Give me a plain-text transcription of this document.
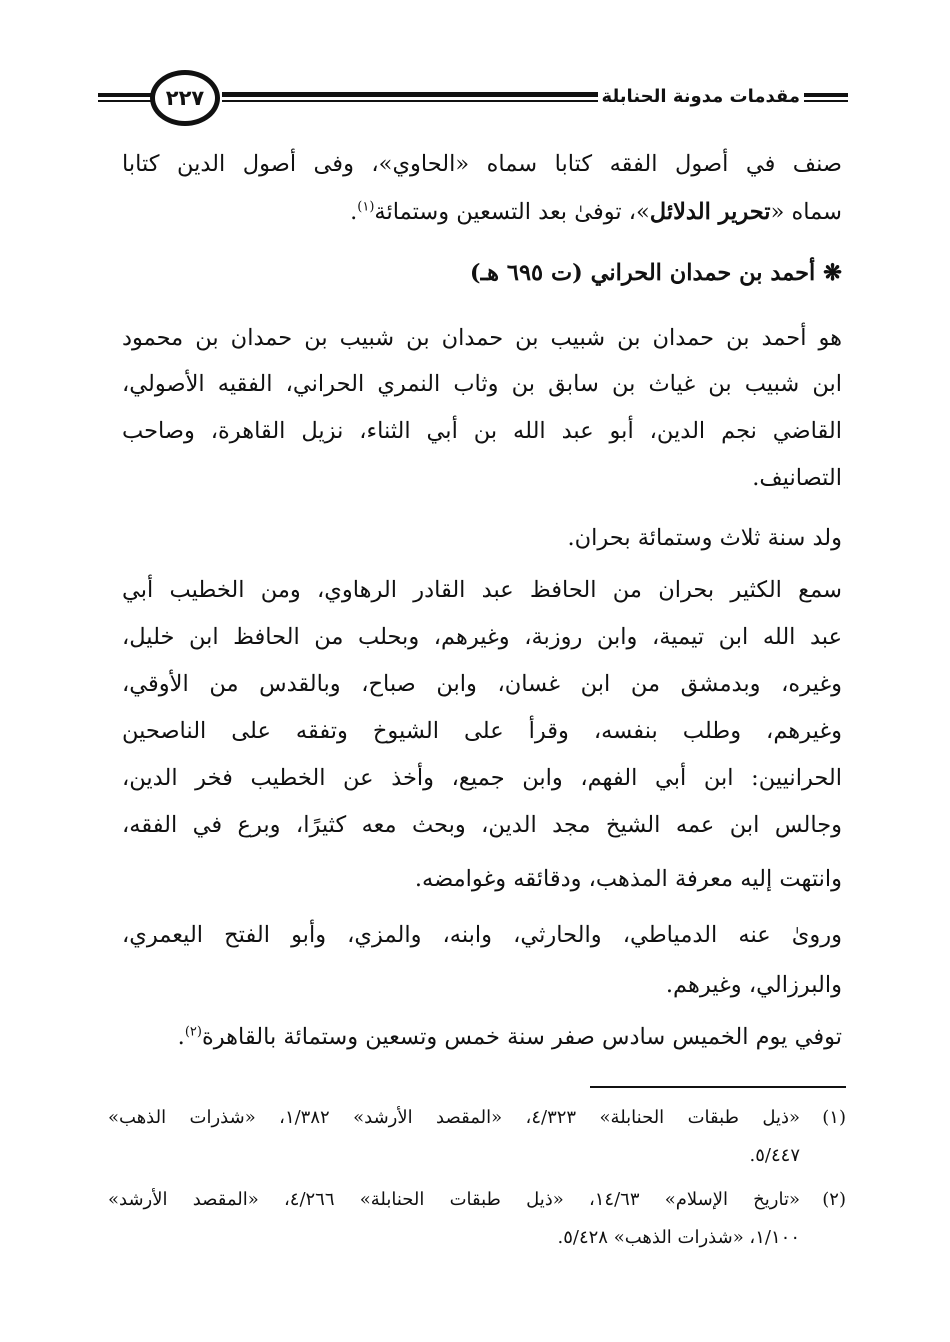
٢٢٧	مقدمات مدونة الحنابلة
صنف في أصول الفقه كتابا سماه «الحاوي»، وفى أصول الدين كتابا
سماه «تحرير الدلائل»، توفىٰ بعد التسعين وستمائة$^{(١)}$.
❋ أحمد بن حمدان الحراني (ت ٦٩٥ هـ)
هو أحمد بن حمدان بن شبيب بن حمدان بن شبيب بن حمدان بن محمود
ابن شبيب بن غياث بن سابق بن وثاب النمري الحراني، الفقيه الأصولي،
القاضي نجم الدين، أبو عبد الله بن أبي الثناء، نزيل القاهرة، وصاحب
التصانيف.
ولد سنة ثلاث وستمائة بحران.
سمع الكثير بحران من الحافظ عبد القادر الرهاوي، ومن الخطيب أبي
عبد الله ابن تيمية، وابن روزبة، وغيرهم، وبحلب من الحافظ ابن خليل،
وغيره، وبدمشق من ابن غسان، وابن صباح، وبالقدس من الأوقي،
وغيرهم، وطلب بنفسه، وقرأ على الشيوخ وتفقه على الناصحين
الحرانيين: ابن أبي الفهم، وابن جميع، وأخذ عن الخطيب فخر الدين،
وجالس ابن عمه الشيخ مجد الدين، وبحث معه كثيرًا، وبرع في الفقه،
وانتهت إليه معرفة المذهب، ودقائقه وغوامضه.
وروىٰ عنه الدمياطي، والحارثي، وابنه، والمزي، وأبو الفتح اليعمري،
والبرزالي، وغيرهم.
توفي يوم الخميس سادس صفر سنة خمس وتسعين وستمائة بالقاهرة$^{(٢)}$.
(١)
«ذيل طبقات الحنابلة» ٤/٣٢٣، «المقصد الأرشد» ١/٣٨٢، «شذرات الذهب»
٥/٤٤٧.
(٢)
«تاريخ الإسلام» ١٤/٦٣، «ذيل طبقات الحنابلة» ٤/٢٦٦، «المقصد الأرشد»
١/١٠٠، «شذرات الذهب» ٥/٤٢٨.
